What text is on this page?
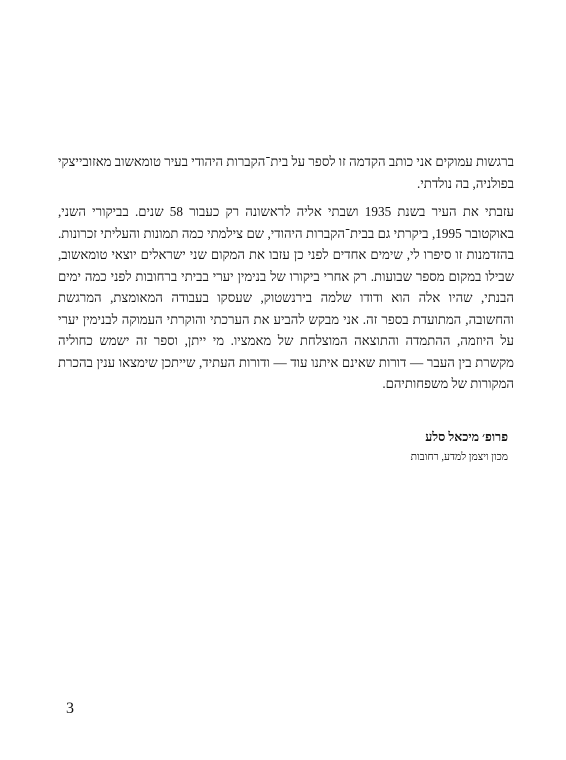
ברגשות עמוקים אני כותב הקדמה זו לספר על בית־הקברות היהודי בעיר טומאשוב מאזובייצקי בפולניה, בה נולדתי.

עזבתי את העיר בשנת 1935 ושבתי אליה לראשונה רק כעבור 58 שנים. בביקורי השני, באוקטובר 1995, ביקרתי גם בבית־הקברות היהודי, שם צילמתי כמה תמונות והעליתי זכרונות. בהזדמנות זו סיפרו לי, שימים אחדים לפני כן עזבו את המקום שני ישראלים יוצאי טומאשוב, שבילו במקום מספר שבועות. רק אחרי ביקורו של בנימין יערי בביתי ברחובות לפני כמה ימים הבנתי, שהיו אלה הוא ודודו שלמה בירנשטוק, שעסקו בעבודה המאומצת, המרגשת והחשובה, המתועדת בספר זה. אני מבקש להביע את הערכתי והוקרתי העמוקה לבנימין יערי על היוזמה, ההתמדה והתוצאה המוצלחת של מאמציו. מי ייתן, וספר זה ישמש כחוליה מקשרת בין העבר — דורות שאינם איתנו עוד — ודורות העתיד, שייתכן שימצאו ענין בהכרת המקורות של משפחותיהם.

פרופ׳ מיכאל סלע
מכון ויצמן למדע, רחובות
3
